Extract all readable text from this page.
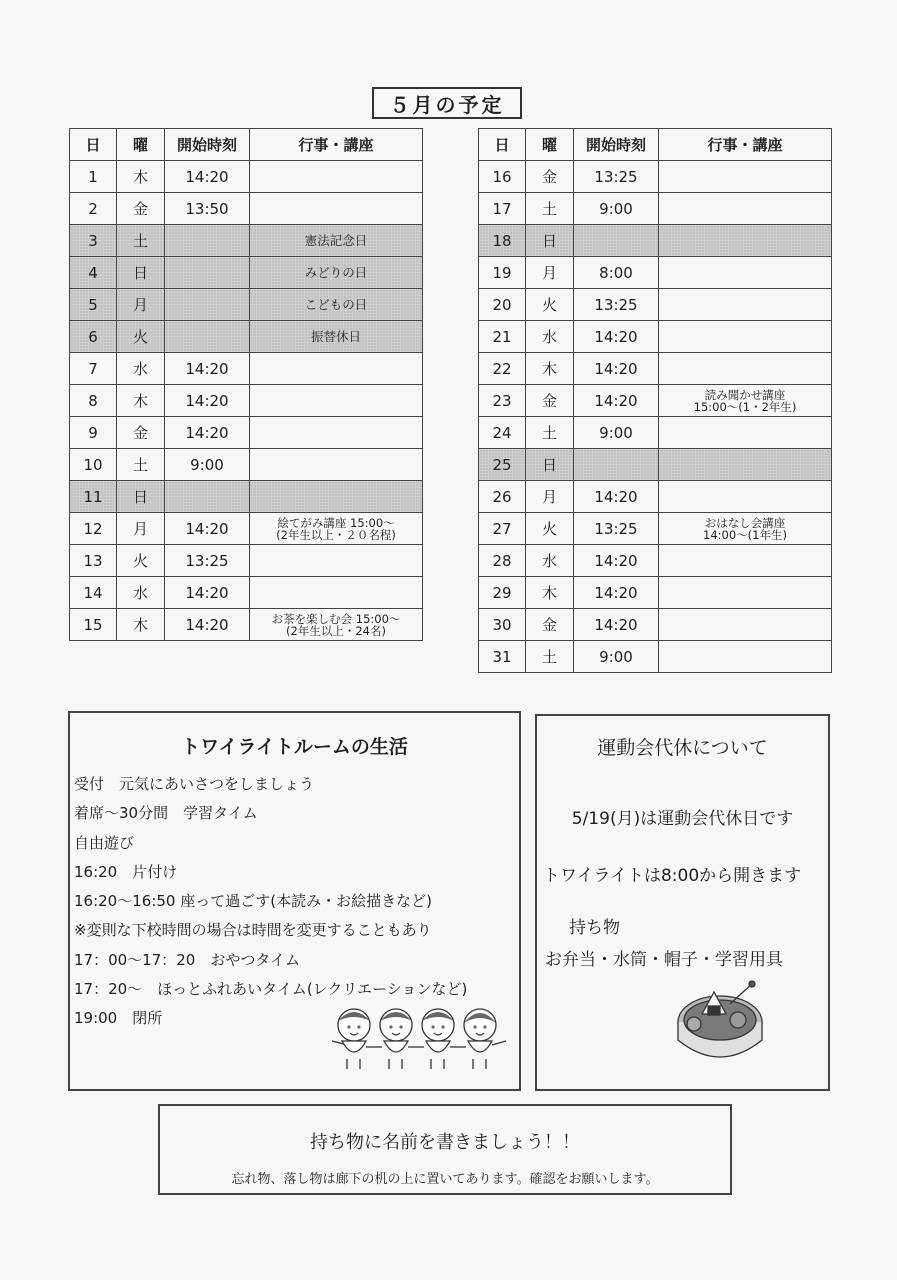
５月の予定
日	曜	開始時刻	行事・講座
1	木	14:20	

2	金	13:50	

3	土		憲法記念日

4	日		みどりの日

5	月		こどもの日

6	火		振替休日

7	水	14:20	

8	木	14:20	

9	金	14:20	

10	土	9:00	

11	日		

12	月	14:20	絵てがみ講座 15:00～
(2年生以上・２０名程)

13	火	13:25	

14	水	14:20	

15	木	14:20	お茶を楽しむ会 15:00～
(2年生以上・24名)
日	曜	開始時刻	行事・講座
16	金	13:25	

17	土	9:00	

18	日		

19	月	8:00	

20	火	13:25	

21	水	14:20	

22	木	14:20	

23	金	14:20	読み聞かせ講座
15:00～(1・2年生)

24	土	9:00	

25	日		

26	月	14:20	

27	火	13:25	おはなし会講座
14:00～(1年生)

28	水	14:20	

29	木	14:20	

30	金	14:20	

31	土	9:00	
トワイライトルームの生活
受付　元気にあいさつをしましょう
着席～30分間　学習タイム
自由遊び
16:20　片付け
16:20～16:50 座って過ごす(本読み・お絵描きなど)
※変則な下校時間の場合は時間を変更することもあり
17：00～17：20　おやつタイム
17：20～　ほっとふれあいタイム(レクリエーションなど)
19:00　閉所
運動会代休について
5/19(月)は運動会代休日です
トワイライトは8:00から開きます
持ち物
お弁当・水筒・帽子・学習用具
持ち物に名前を書きましょう！！
忘れ物、落し物は廊下の机の上に置いてあります。確認をお願いします。
